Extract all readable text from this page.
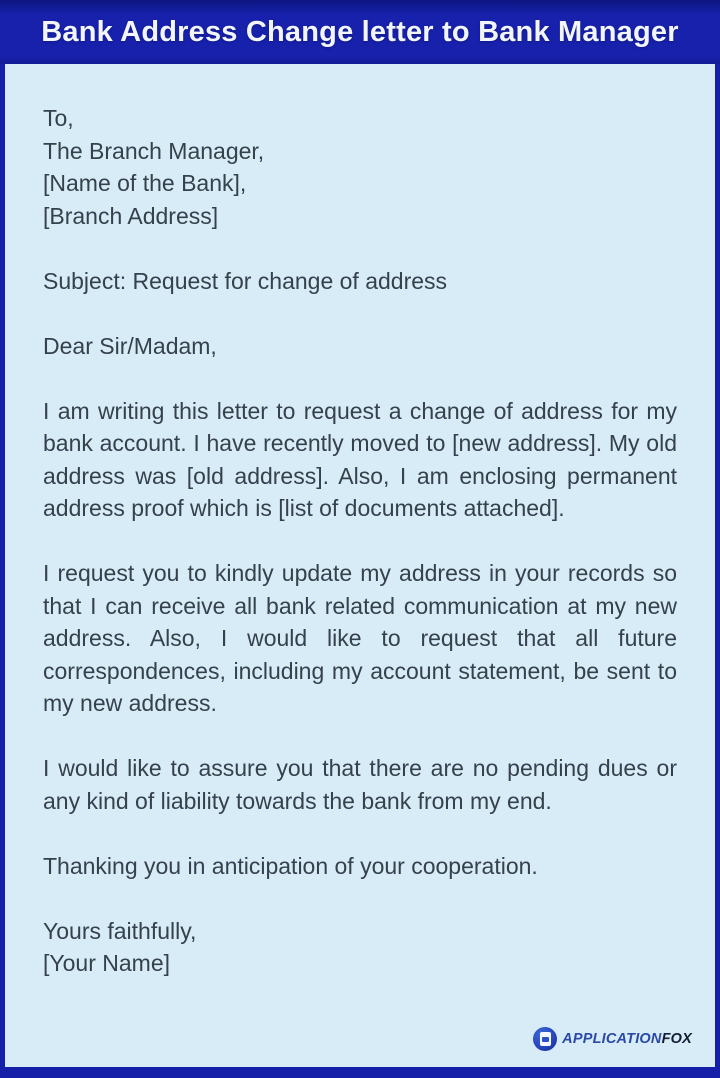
Bank Address Change letter to Bank Manager
To,
The Branch Manager,
[Name of the Bank],
[Branch Address]
Subject: Request for change of address
Dear Sir/Madam,
I am writing this letter to request a change of address for my bank account. I have recently moved to [new address]. My old address was [old address]. Also, I am enclosing permanent address proof which is [list of documents attached].
I request you to kindly update my address in your records so that I can receive all bank related communication at my new address. Also, I would like to request that all future correspondences, including my account statement, be sent to my new address.
I would like to assure you that there are no pending dues or any kind of liability towards the bank from my end.
Thanking you in anticipation of your cooperation.
Yours faithfully,
[Your Name]
APPLICATIONFOX
